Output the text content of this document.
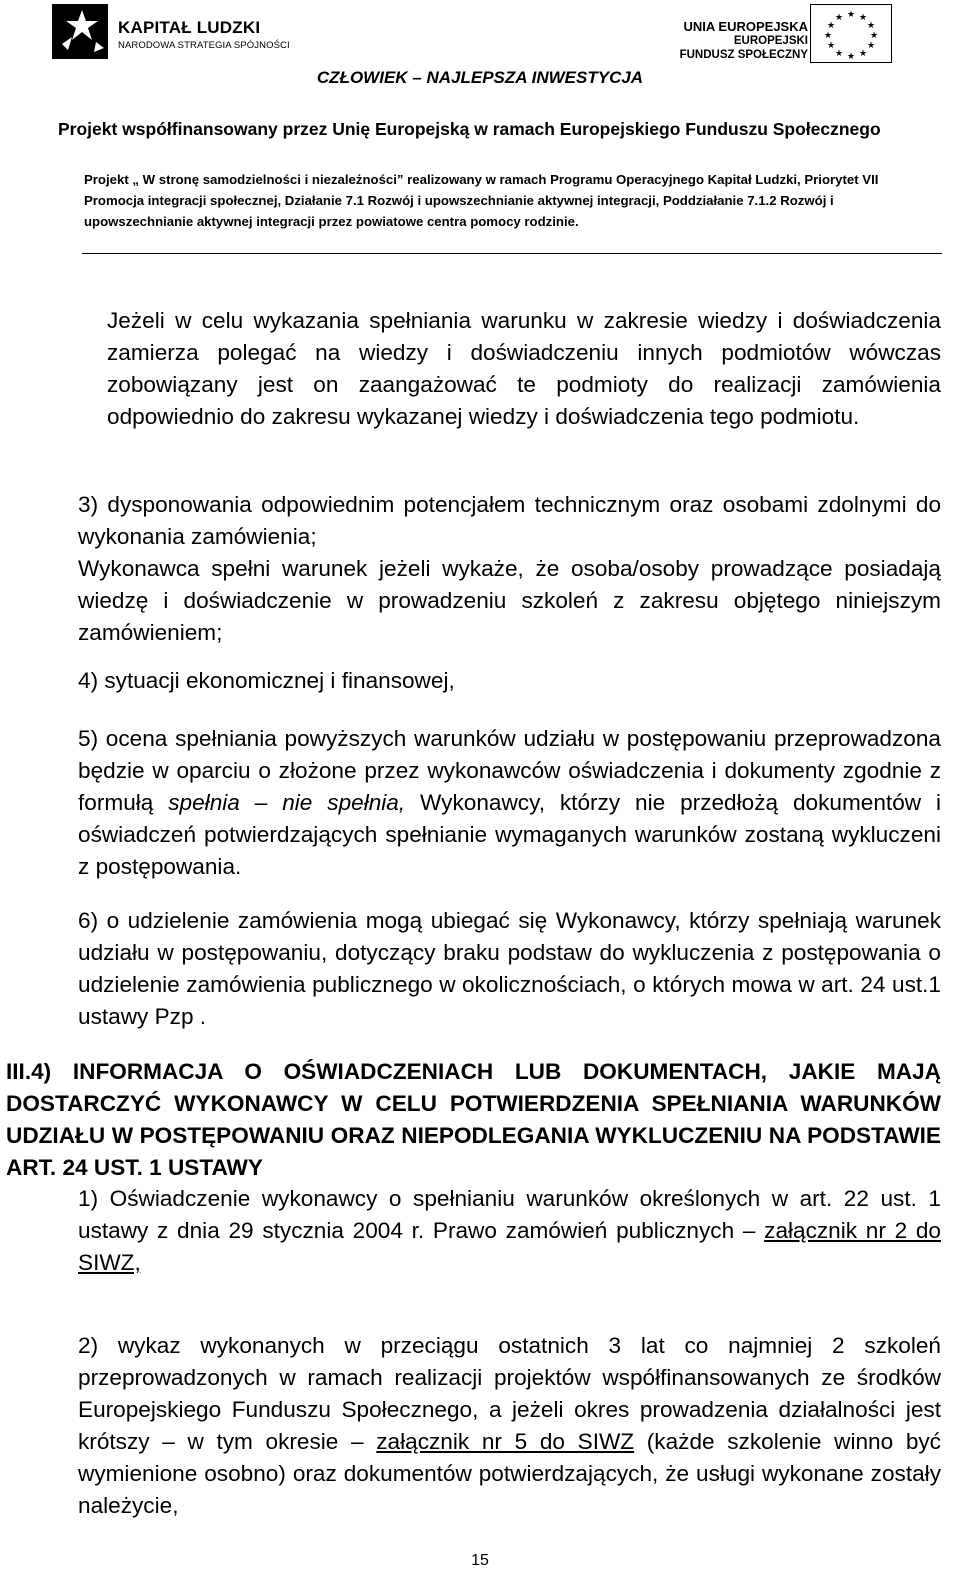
KAPITAŁ LUDZKI
NARODOWA STRATEGIA SPÓJNOŚCI
UNIA EUROPEJSKA
EUROPEJSKI
FUNDUSZ SPOŁECZNY
★ ★
★
★
★
★
★
★
★
★
★
★
CZŁOWIEK – NAJLEPSZA INWESTYCJA
Projekt współfinansowany przez Unię Europejską w ramach Europejskiego Funduszu Społecznego
Projekt „ W stronę samodzielności i niezależności” realizowany w ramach Programu Operacyjnego Kapitał Ludzki, Priorytet VII Promocja integracji społecznej, Działanie 7.1 Rozwój i upowszechnianie aktywnej integracji, Poddziałanie 7.1.2 Rozwój i upowszechnianie aktywnej integracji przez powiatowe centra pomocy rodzinie.
Jeżeli w celu wykazania spełniania warunku w zakresie wiedzy i doświadczenia zamierza polegać na wiedzy i doświadczeniu innych podmiotów wówczas zobowiązany jest on zaangażować te podmioty do realizacji zamówienia odpowiednio do zakresu wykazanej wiedzy i doświadczenia tego podmiotu.
3) dysponowania odpowiednim potencjałem technicznym oraz osobami zdolnymi do wykonania zamówienia;
Wykonawca spełni warunek jeżeli wykaże, że osoba/osoby prowadzące posiadają wiedzę i doświadczenie w prowadzeniu szkoleń z zakresu objętego niniejszym zamówieniem;
4) sytuacji ekonomicznej i finansowej,
5) ocena spełniania powyższych warunków udziału w postępowaniu przeprowadzona będzie w oparciu o złożone przez wykonawców oświadczenia i dokumenty zgodnie z formułą spełnia – nie spełnia, Wykonawcy, którzy nie przedłożą dokumentów i oświadczeń potwierdzających spełnianie wymaganych warunków zostaną wykluczeni z postępowania.
6) o udzielenie zamówienia mogą ubiegać się Wykonawcy, którzy spełniają warunek udziału w postępowaniu, dotyczący braku podstaw do wykluczenia z postępowania o udzielenie zamówienia publicznego w okolicznościach, o których mowa w art. 24 ust.1 ustawy Pzp .
III.4) INFORMACJA O OŚWIADCZENIACH LUB DOKUMENTACH, JAKIE MAJĄ DOSTARCZYĆ WYKONAWCY W CELU POTWIERDZENIA SPEŁNIANIA WARUNKÓW UDZIAŁU W POSTĘPOWANIU ORAZ NIEPODLEGANIA WYKLUCZENIU NA PODSTAWIE ART. 24 UST. 1 USTAWY
1) Oświadczenie wykonawcy o spełnianiu warunków określonych w art. 22 ust. 1 ustawy z dnia 29 stycznia 2004 r. Prawo zamówień publicznych – załącznik nr 2 do SIWZ,
2) wykaz wykonanych w przeciągu ostatnich 3 lat co najmniej 2 szkoleń przeprowadzonych w ramach realizacji projektów współfinansowanych ze środków Europejskiego Funduszu Społecznego, a jeżeli okres prowadzenia działalności jest krótszy – w tym okresie – załącznik nr 5 do SIWZ (każde szkolenie winno być wymienione osobno) oraz dokumentów potwierdzających, że usługi wykonane zostały należycie,
15
